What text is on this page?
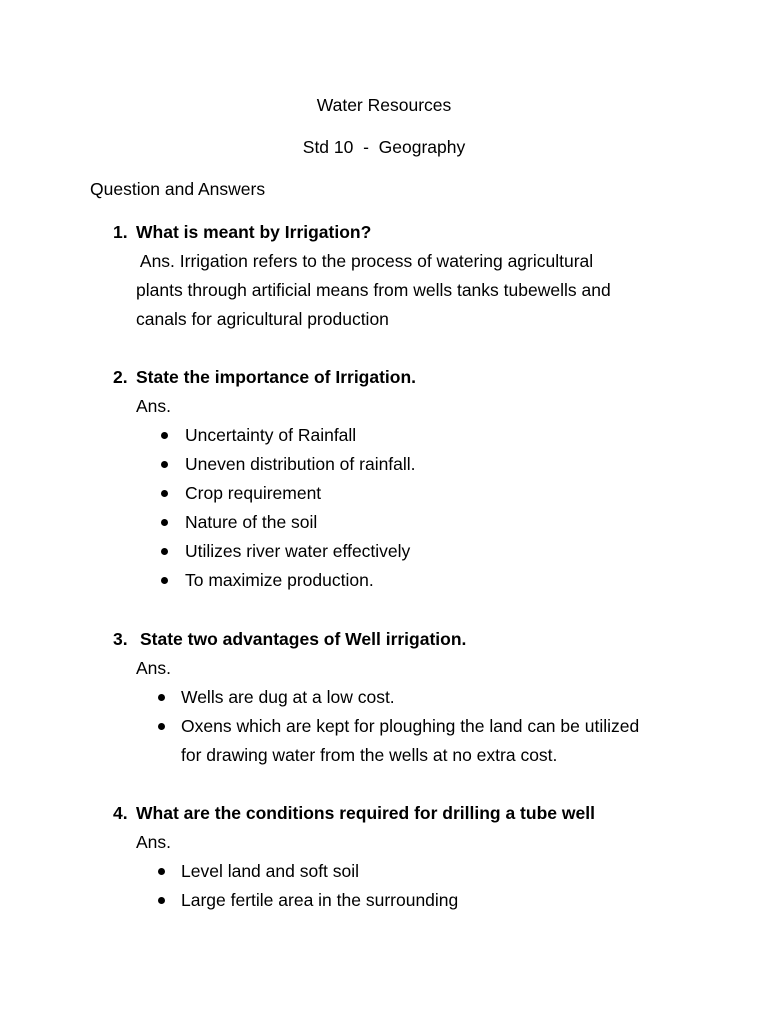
Water Resources
Std 10  -  Geography

Question and Answers

1. What is meant by Irrigation?

Ans. Irrigation refers to the process of watering agricultural

plants through artificial means from wells tanks tubewells and

canals for agricultural production

2. State the importance of Irrigation.

Ans.

Uncertainty of Rainfall

Uneven distribution of rainfall.

Crop requirement

Nature of the soil

Utilizes river water effectively

To maximize production.

3. State two advantages of Well irrigation.

Ans.

Wells are dug at a low cost.

Oxens which are kept for ploughing the land can be utilized

for drawing water from the wells at no extra cost.

4. What are the conditions required for drilling a tube well

Ans.

Level land and soft soil

Large fertile area in the surrounding
